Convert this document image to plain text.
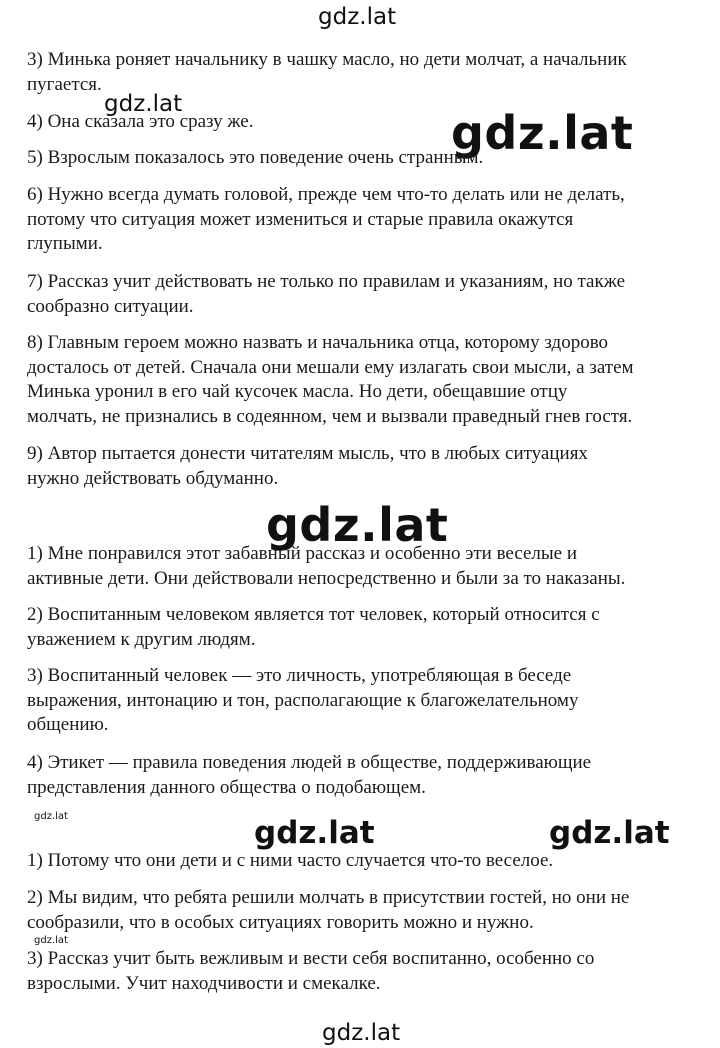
gdz.lat
gdz.lat
gdz.lat
gdz.lat
gdz.lat	gdz.lat	gdz.lat
gdz.lat
gdz.lat
3) Минька роняет начальнику в чашку масло, но дети молчат, а начальник
пугается.
4) Она сказала это сразу же.
5) Взрослым показалось это поведение очень странным.
6) Нужно всегда думать головой, прежде чем что-то делать или не делать,
потому что ситуация может измениться и старые правила окажутся
глупыми.
7) Рассказ учит действовать не только по правилам и указаниям, но также
сообразно ситуации.
8) Главным героем можно назвать и начальника отца, которому здорово
досталось от детей. Сначала они мешали ему излагать свои мысли, а затем
Минька уронил в его чай кусочек масла. Но дети, обещавшие отцу
молчать, не признались в содеянном, чем и вызвали праведный гнев гостя.
9) Автор пытается донести читателям мысль, что в любых ситуациях
нужно действовать обдуманно.
1) Мне понравился этот забавный рассказ и особенно эти веселые и
активные дети. Они действовали непосредственно и были за то наказаны.
2) Воспитанным человеком является тот человек, который относится с
уважением к другим людям.
3) Воспитанный человек — это личность, употребляющая в беседе
выражения, интонацию и тон, располагающие к благожелательному
общению.
4) Этикет — правила поведения людей в обществе, поддерживающие
представления данного общества о подобающем.
1) Потому что они дети и с ними часто случается что-то веселое.
2) Мы видим, что ребята решили молчать в присутствии гостей, но они не
сообразили, что в особых ситуациях говорить можно и нужно.
3) Рассказ учит быть вежливым и вести себя воспитанно, особенно со
взрослыми. Учит находчивости и смекалке.
